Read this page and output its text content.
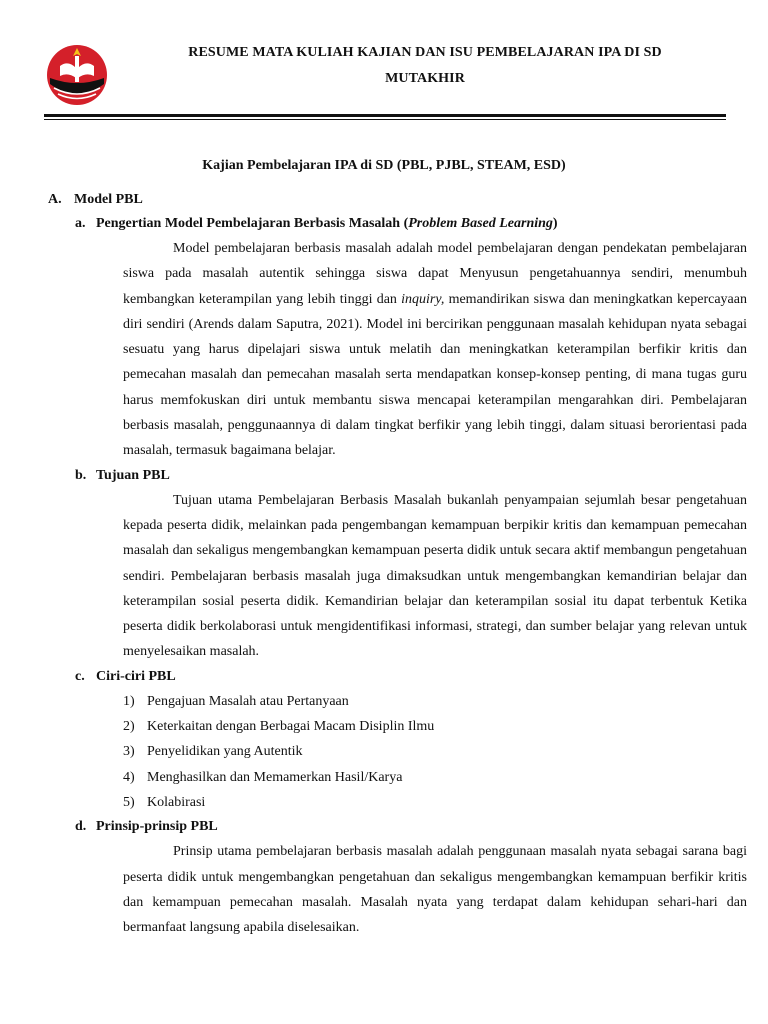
RESUME MATA KULIAH KAJIAN DAN ISU PEMBELAJARAN IPA DI SD
MUTAKHIR
Kajian Pembelajaran IPA di SD (PBL, PJBL, STEAM, ESD)
A. Model PBL
a. Pengertian Model Pembelajaran Berbasis Masalah (Problem Based Learning)

Model pembelajaran berbasis masalah adalah model pembelajaran dengan pendekatan pembelajaran siswa pada masalah autentik sehingga siswa dapat Menyusun pengetahuannya sendiri, menumbuh kembangkan keterampilan yang lebih tinggi dan inquiry, memandirikan siswa dan meningkatkan kepercayaan diri sendiri (Arends dalam Saputra, 2021). Model ini bercirikan penggunaan masalah kehidupan nyata sebagai sesuatu yang harus dipelajari siswa untuk melatih dan meningkatkan keterampilan berfikir kritis dan pemecahan masalah dan pemecahan masalah serta mendapatkan konsep-konsep penting, di mana tugas guru harus memfokuskan diri untuk membantu siswa mencapai keterampilan mengarahkan diri. Pembelajaran berbasis masalah, penggunaannya di dalam tingkat berfikir yang lebih tinggi, dalam situasi berorientasi pada masalah, termasuk bagaimana belajar.

b. Tujuan PBL

Tujuan utama Pembelajaran Berbasis Masalah bukanlah penyampaian sejumlah besar pengetahuan kepada peserta didik, melainkan pada pengembangan kemampuan berpikir kritis dan kemampuan pemecahan masalah dan sekaligus mengembangkan kemampuan peserta didik untuk secara aktif membangun pengetahuan sendiri. Pembelajaran berbasis masalah juga dimaksudkan untuk mengembangkan kemandirian belajar dan keterampilan sosial peserta didik. Kemandirian belajar dan keterampilan sosial itu dapat terbentuk Ketika peserta didik berkolaborasi untuk mengidentifikasi informasi, strategi, dan sumber belajar yang relevan untuk menyelesaikan masalah.

c. Ciri-ciri PBL
1) Pengajuan Masalah atau Pertanyaan
2) Keterkaitan dengan Berbagai Macam Disiplin Ilmu
3) Penyelidikan yang Autentik
4) Menghasilkan dan Memamerkan Hasil/Karya
5) Kolabirasi
d. Prinsip-prinsip PBL

Prinsip utama pembelajaran berbasis masalah adalah penggunaan masalah nyata sebagai sarana bagi peserta didik untuk mengembangkan pengetahuan dan sekaligus mengembangkan kemampuan berfikir kritis dan kemampuan pemecahan masalah. Masalah nyata yang terdapat dalam kehidupan sehari-hari dan bermanfaat langsung apabila diselesaikan.
